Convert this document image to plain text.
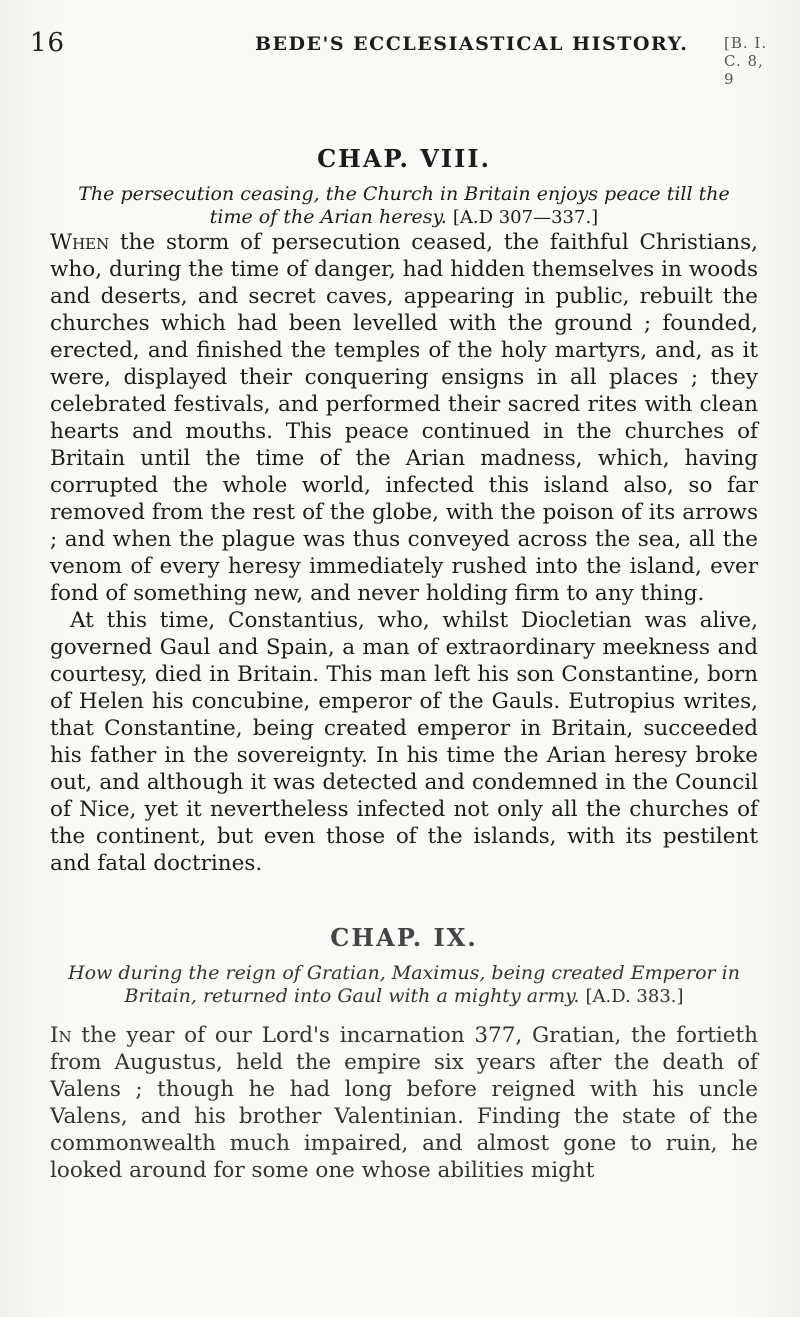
16	BEDE'S ECCLESIASTICAL HISTORY. [B. I. C. 8, 9
CHAP. VIII.

The persecution ceasing, the Church in Britain enjoys peace till the time of the Arian heresy. [A.D 307—337.]

When the storm of persecution ceased, the faithful Christians, who, during the time of danger, had hidden themselves in woods and deserts, and secret caves, appearing in public, rebuilt the churches which had been levelled with the ground ; founded, erected, and finished the temples of the holy martyrs, and, as it were, displayed their conquering ensigns in all places ; they celebrated festivals, and performed their sacred rites with clean hearts and mouths. This peace continued in the churches of Britain until the time of the Arian madness, which, having corrupted the whole world, infected this island also, so far removed from the rest of the globe, with the poison of its arrows ; and when the plague was thus conveyed across the sea, all the venom of every heresy immediately rushed into the island, ever fond of something new, and never holding firm to any thing.

At this time, Constantius, who, whilst Diocletian was alive, governed Gaul and Spain, a man of extraordinary meekness and courtesy, died in Britain. This man left his son Constantine, born of Helen his concubine, emperor of the Gauls. Eutropius writes, that Constantine, being created emperor in Britain, succeeded his father in the sovereignty. In his time the Arian heresy broke out, and although it was detected and condemned in the Council of Nice, yet it nevertheless infected not only all the churches of the continent, but even those of the islands, with its pestilent and fatal doctrines.

CHAP. IX.

How during the reign of Gratian, Maximus, being created Emperor in Britain, returned into Gaul with a mighty army. [A.D. 383.]

In the year of our Lord's incarnation 377, Gratian, the fortieth from Augustus, held the empire six years after the death of Valens ; though he had long before reigned with his uncle Valens, and his brother Valentinian. Finding the state of the commonwealth much impaired, and almost gone to ruin, he looked around for some one whose abilities might
